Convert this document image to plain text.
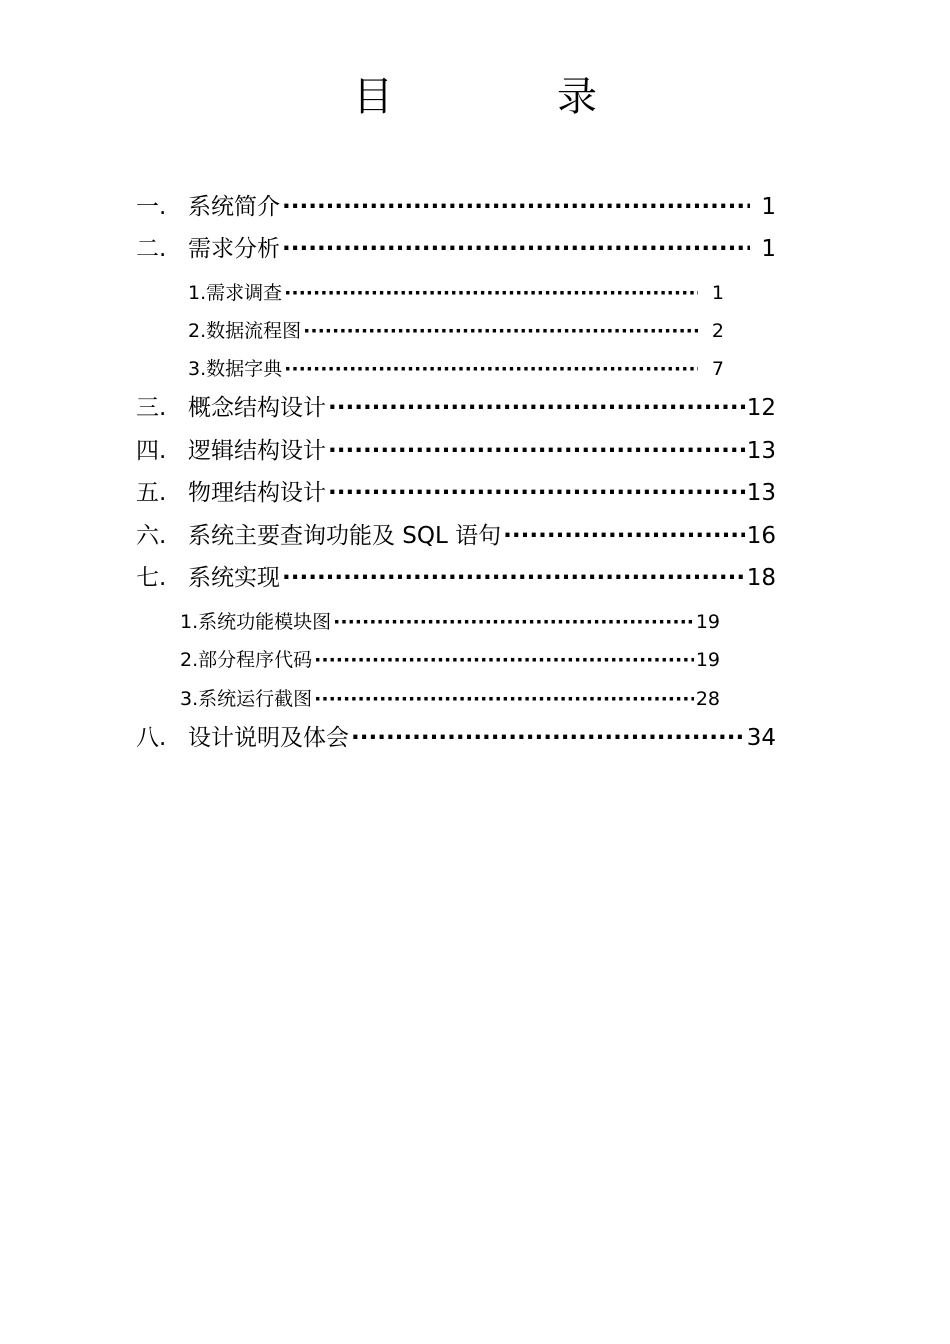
目　录
一. 系统简介 ·····	1
二. 需求分析 ·····	1
1.需求调查 ·····	1
2.数据流程图 ·····	2
3.数据字典 ·····	7
三. 概念结构设计 ·····	12
四. 逻辑结构设计 ·····	13
五. 物理结构设计 ·····	13
六. 系统主要查询功能及 SQL 语句 ·····	16
七. 系统实现 ·····	18
1.系统功能模块图 ·····	19
2.部分程序代码 ·····	19
3.系统运行截图 ·····	28
八. 设计说明及体会 ·····	34
